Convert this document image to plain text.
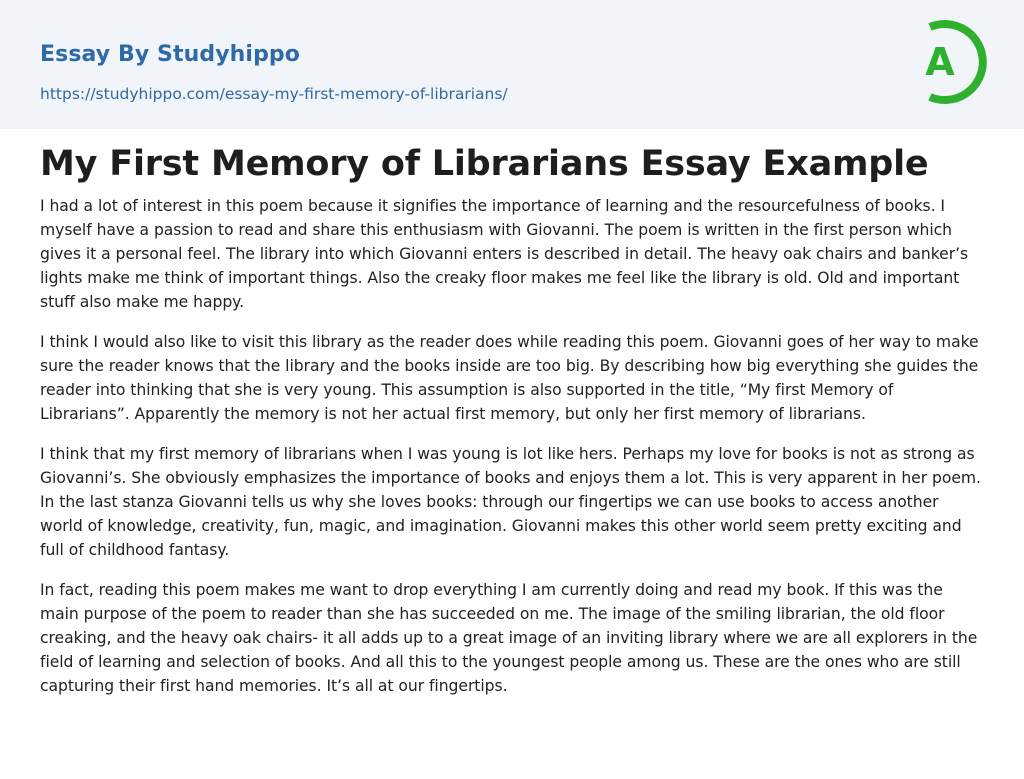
Essay By Studyhippo
https://studyhippo.com/essay-my-first-memory-of-librarians/
A
My First Memory of Librarians Essay Example

I had a lot of interest in this poem because it signifies the importance of learning and the resourcefulness of books. I myself have a passion to read and share this enthusiasm with Giovanni. The poem is written in the first person which gives it a personal feel. The library into which Giovanni enters is described in detail. The heavy oak chairs and banker’s lights make me think of important things. Also the creaky floor makes me feel like the library is old. Old and important stuff also make me happy.

I think I would also like to visit this library as the reader does while reading this poem. Giovanni goes of her way to make sure the reader knows that the library and the books inside are too big. By describing how big everything she guides the reader into thinking that she is very young. This assumption is also supported in the title, “My first Memory of Librarians”. Apparently the memory is not her actual first memory, but only her first memory of librarians.

I think that my first memory of librarians when I was young is lot like hers. Perhaps my love for books is not as strong as Giovanni’s. She obviously emphasizes the importance of books and enjoys them a lot. This is very apparent in her poem. In the last stanza Giovanni tells us why she loves books: through our fingertips we can use books to access another world of knowledge, creativity, fun, magic, and imagination. Giovanni makes this other world seem pretty exciting and full of childhood fantasy.

In fact, reading this poem makes me want to drop everything I am currently doing and read my book. If this was the main purpose of the poem to reader than she has succeeded on me. The image of the smiling librarian, the old floor creaking, and the heavy oak chairs- it all adds up to a great image of an inviting library where we are all explorers in the field of learning and selection of books. And all this to the youngest people among us. These are the ones who are still capturing their first hand memories. It’s all at our fingertips.
